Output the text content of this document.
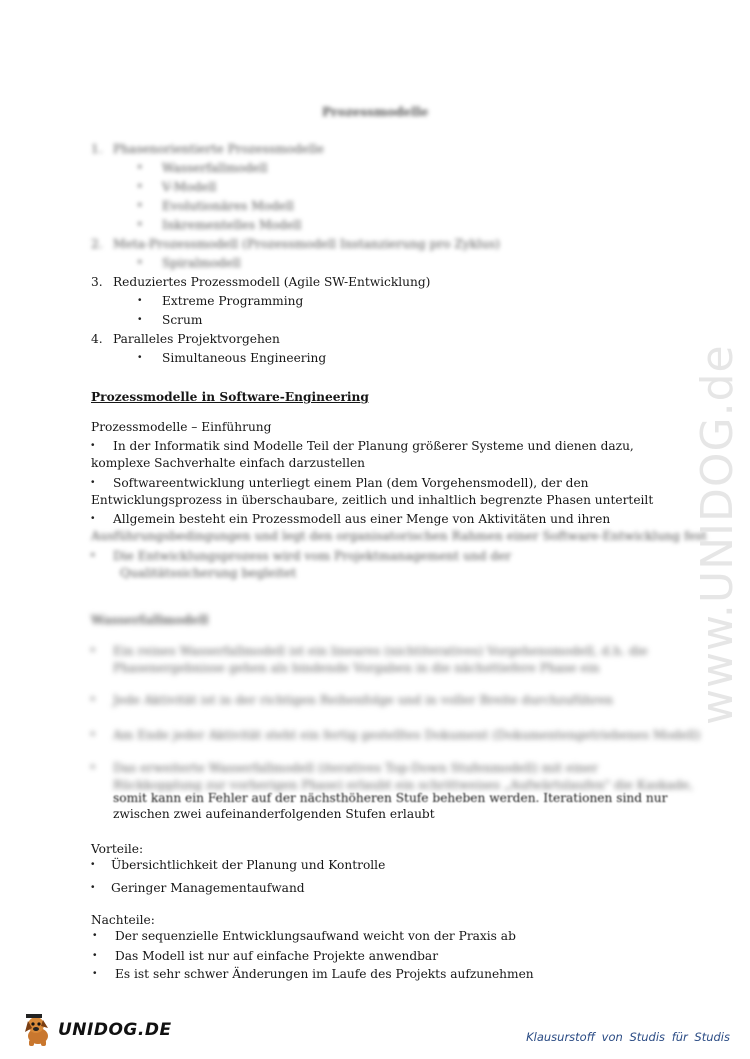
Prozessmodelle
1. Phasenorientierte Prozessmodelle
• Wasserfallmodell
• V-Modell
• Evolutionäres Modell
• Inkrementelles Modell
2. Meta-Prozessmodell (Prozessmodell Instanzierung pro Zyklus)
• Spiralmodell
3. Reduziertes Prozessmodell (Agile SW-Entwicklung)
• Extreme Programming
• Scrum
4. Paralleles Projektvorgehen
• Simultaneous Engineering
Prozessmodelle in Software-Engineering
Prozessmodelle – Einführung
• In der Informatik sind Modelle Teil der Planung größerer Systeme und dienen dazu,
komplexe Sachverhalte einfach darzustellen
• Softwareentwicklung unterliegt einem Plan (dem Vorgehensmodell), der den
Entwicklungsprozess in überschaubare, zeitlich und inhaltlich begrenzte Phasen unterteilt
• Allgemein besteht ein Prozessmodell aus einer Menge von Aktivitäten und ihren
Ausführungsbedingungen und legt den organisatorischen Rahmen einer Software-Entwicklung fest
• Die Entwicklungsprozess wird vom Projektmanagement und der
Qualitätssicherung begleitet
Wasserfallmodell
• Ein reines Wasserfallmodell ist ein lineares (nichtiteratives) Vorgehensmodell, d.h. die
Phasenergebnisse gehen als bindende Vorgaben in die nächsttiefere Phase ein
• Jede Aktivität ist in der richtigen Reihenfolge und in voller Breite durchzuführen
• Am Ende jeder Aktivität steht ein fertig gestelltes Dokument (Dokumentengetriebenes Modell)
• Das erweiterte Wasserfallmodell (iteratives Top-Down Stufenmodell) mit einer
Rückkopplung zur vorherigen Phase) erlaubt ein schrittweises „Aufwärtslaufen" die Kaskade,
somit kann ein Fehler auf der nächsthöheren Stufe beheben werden. Iterationen sind nur
zwischen zwei aufeinanderfolgenden Stufen erlaubt
Vorteile:
• Übersichtlichkeit der Planung und Kontrolle
• Geringer Managementaufwand
Nachteile:
• Der sequenzielle Entwicklungsaufwand weicht von der Praxis ab
• Das Modell ist nur auf einfache Projekte anwendbar
• Es ist sehr schwer Änderungen im Laufe des Projekts aufzunehmen
www.UNIDOG.de
UNIDOG.DE	Klausurstoff von Studis für Studis
